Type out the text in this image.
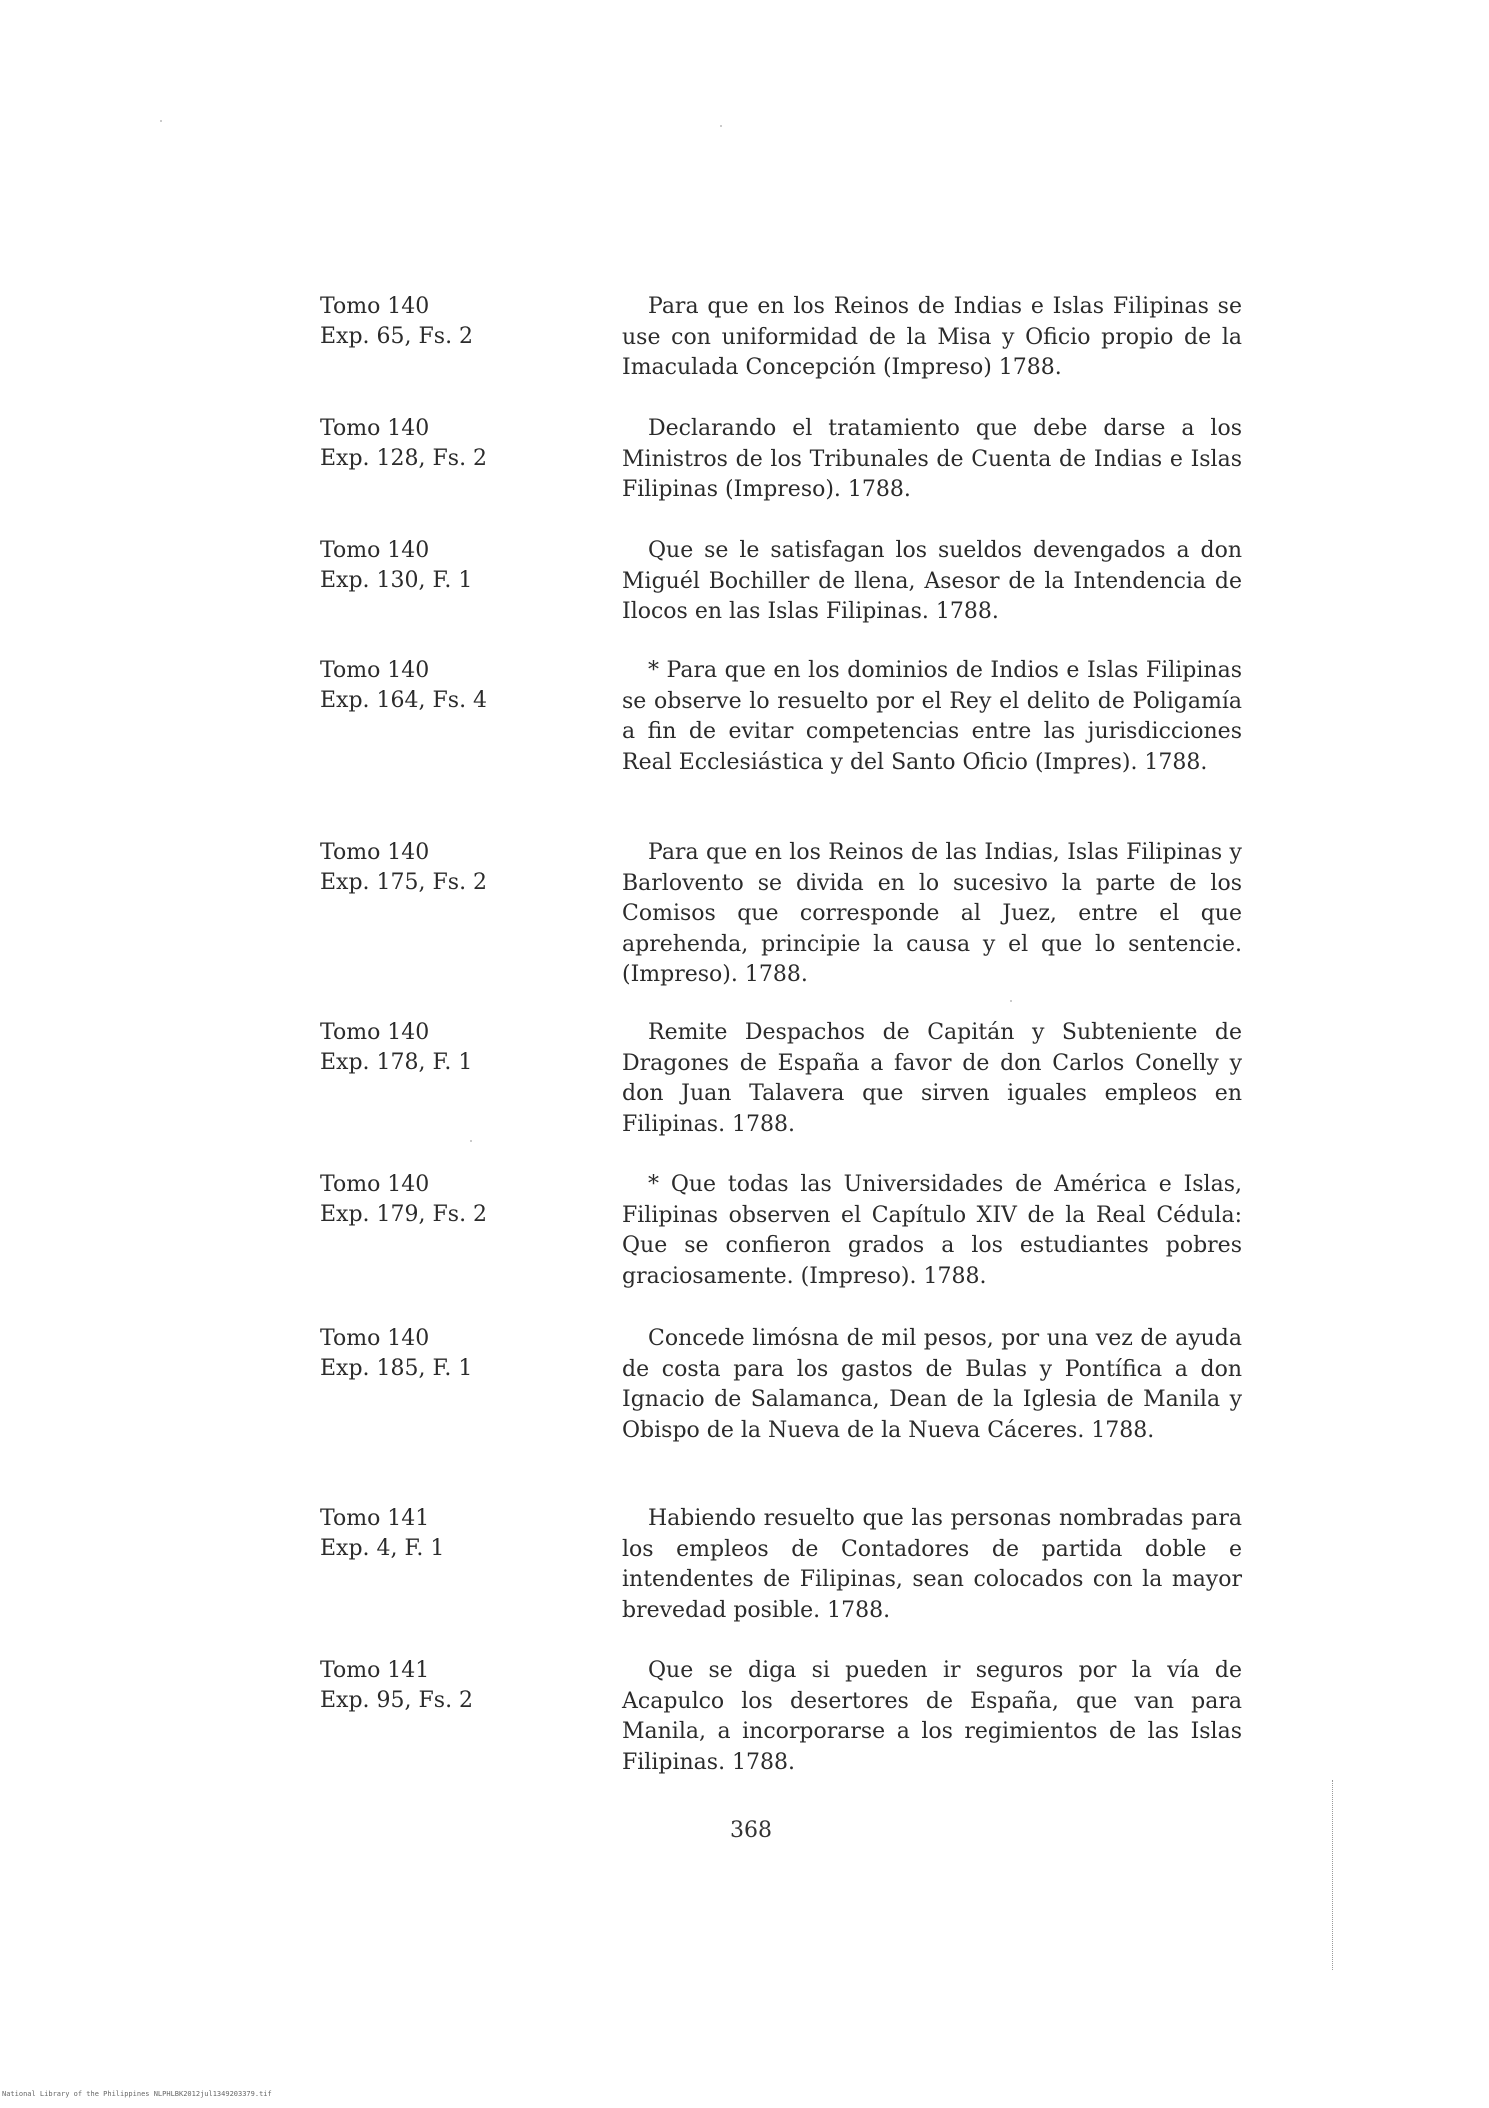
Tomo 140
Exp. 65, Fs. 2
Para que en los Reinos de Indias e Islas Filipinas se use con uniformidad de la Misa y Oficio propio de la Imaculada Concepción (Impreso) 1788.
Tomo 140
Exp. 128, Fs. 2
Declarando el tratamiento que debe darse a los Ministros de los Tribunales de Cuenta de Indias e Islas Filipinas (Impreso). 1788.
Tomo 140
Exp. 130, F. 1
Que se le satisfagan los sueldos devengados a don Miguél Bochiller de llena, Asesor de la Intendencia de Ilocos en las Islas Filipinas. 1788.
Tomo 140
Exp. 164, Fs. 4
* Para que en los dominios de Indios e Islas Filipinas se observe lo resuelto por el Rey el delito de Poligamía a fin de evitar competencias entre las jurisdicciones Real Ecclesiástica y del Santo Oficio (Impres). 1788.
Tomo 140
Exp. 175, Fs. 2
Para que en los Reinos de las Indias, Islas Filipinas y Barlovento se divida en lo sucesivo la parte de los Comisos que corresponde al Juez, entre el que aprehenda, principie la causa y el que lo sentencie. (Impreso). 1788.
Tomo 140
Exp. 178, F. 1
Remite Despachos de Capitán y Subteniente de Dragones de España a favor de don Carlos Conelly y don Juan Talavera que sirven iguales empleos en Filipinas. 1788.
Tomo 140
Exp. 179, Fs. 2
* Que todas las Universidades de América e Islas, Filipinas observen el Capítulo XIV de la Real Cédula: Que se confieron grados a los estudiantes pobres graciosamente. (Impreso). 1788.
Tomo 140
Exp. 185, F. 1
Concede limósna de mil pesos, por una vez de ayuda de costa para los gastos de Bulas y Pontífica a don Ignacio de Salamanca, Dean de la Iglesia de Manila y Obispo de la Nueva de la Nueva Cáceres. 1788.
Tomo 141
Exp. 4, F. 1
Habiendo resuelto que las personas nombradas para los empleos de Contadores de partida doble e intendentes de Filipinas, sean colocados con la mayor brevedad posible. 1788.
Tomo 141
Exp. 95, Fs. 2
Que se diga si pueden ir seguros por la vía de Acapulco los desertores de España, que van para Manila, a incorporarse a los regimientos de las Islas Filipinas. 1788.
368
National Library of the Philippines NLPHLBK2012jul1349203379.tif
